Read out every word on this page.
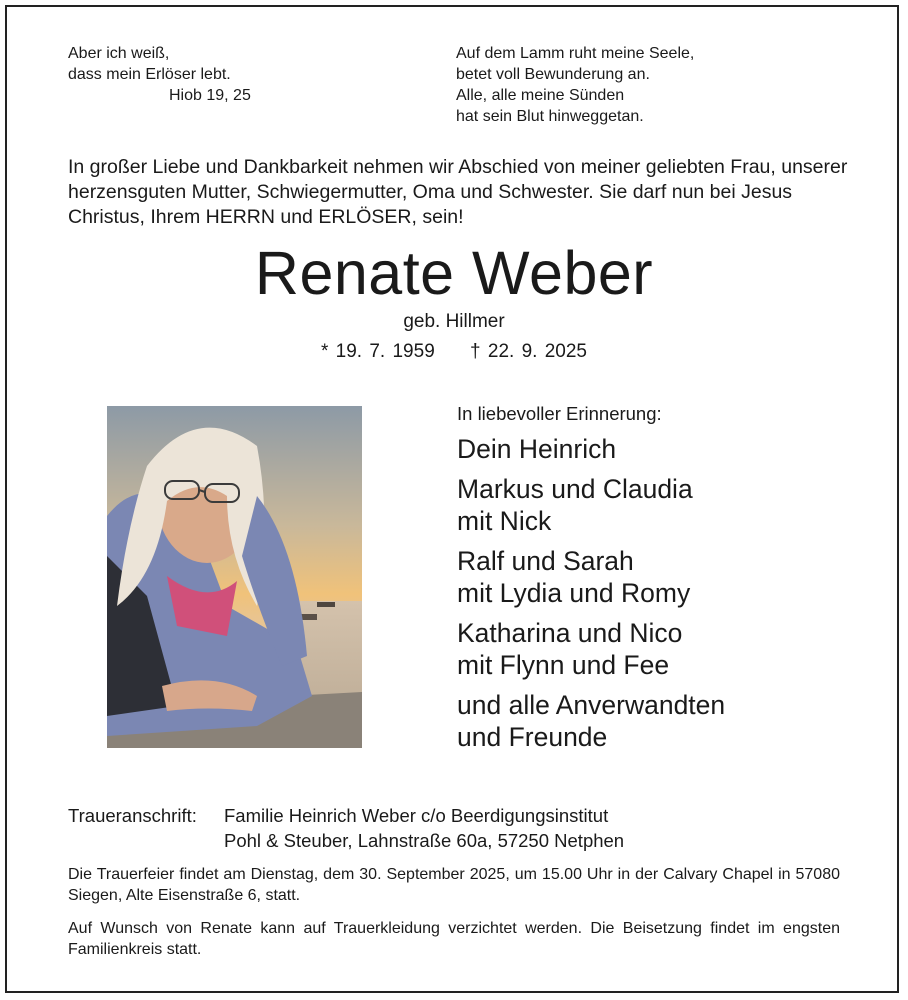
Aber ich weiß,
dass mein Erlöser lebt.
Hiob 19, 25
Auf dem Lamm ruht meine Seele,
betet voll Bewunderung an.
Alle, alle meine Sünden
hat sein Blut hinweggetan.
In großer Liebe und Dankbarkeit nehmen wir Abschied von meiner geliebten Frau, unserer herzensguten Mutter, Schwiegermutter, Oma und Schwester. Sie darf nun bei Jesus Christus, Ihrem HERRN und ERLÖSER, sein!
Renate Weber
geb. Hillmer
* 19. 7. 1959 † 22. 9. 2025
In liebevoller Erinnerung:
Dein Heinrich
Markus und Claudia
mit Nick
Ralf und Sarah
mit Lydia und Romy
Katharina und Nico
mit Flynn und Fee
und alle Anverwandten
und Freunde
Traueranschrift: Familie Heinrich Weber c/o Beerdigungsinstitut
Pohl & Steuber, Lahnstraße 60a, 57250 Netphen
Die Trauerfeier findet am Dienstag, dem 30. September 2025, um 15.00 Uhr in der Calvary Chapel in 57080 Siegen, Alte Eisenstraße 6, statt.
Auf Wunsch von Renate kann auf Trauerkleidung verzichtet werden. Die Beisetzung findet im engsten Familienkreis statt.
